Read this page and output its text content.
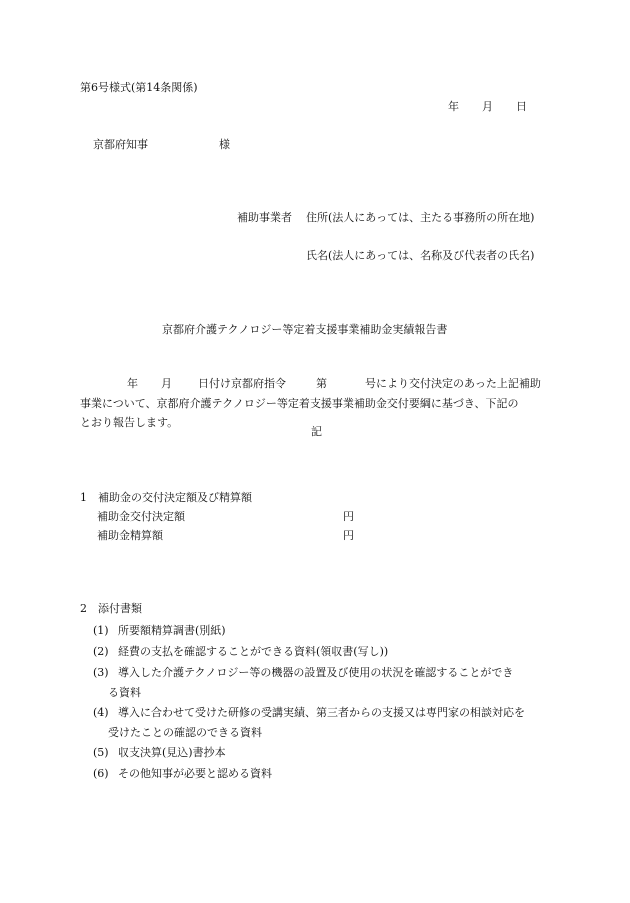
第6号様式(第14条関係)
年 月 日
京都府知事	様
補助事業者 住所(法人にあっては、主たる事務所の所在地)
氏名(法人にあっては、名称及び代表者の氏名)
京都府介護テクノロジー等定着支援事業補助金実績報告書
年 月 日付け京都府指令	第	号により交付決定のあった上記補助
事業について、京都府介護テクノロジー等定着支援事業補助金交付要綱に基づき、下記の
とおり報告します。
記
1　補助金の交付決定額及び精算額
補助金交付決定額	円
補助金精算額	円
2　添付書類
(1) 所要額精算調書(別紙)
(2) 経費の支払を確認することができる資料(領収書(写し))
(3) 導入した介護テクノロジー等の機器の設置及び使用の状況を確認することができ
る資料
(4) 導入に合わせて受けた研修の受講実績、第三者からの支援又は専門家の相談対応を
受けたことの確認のできる資料
(5) 収支決算(見込)書抄本
(6) その他知事が必要と認める資料
